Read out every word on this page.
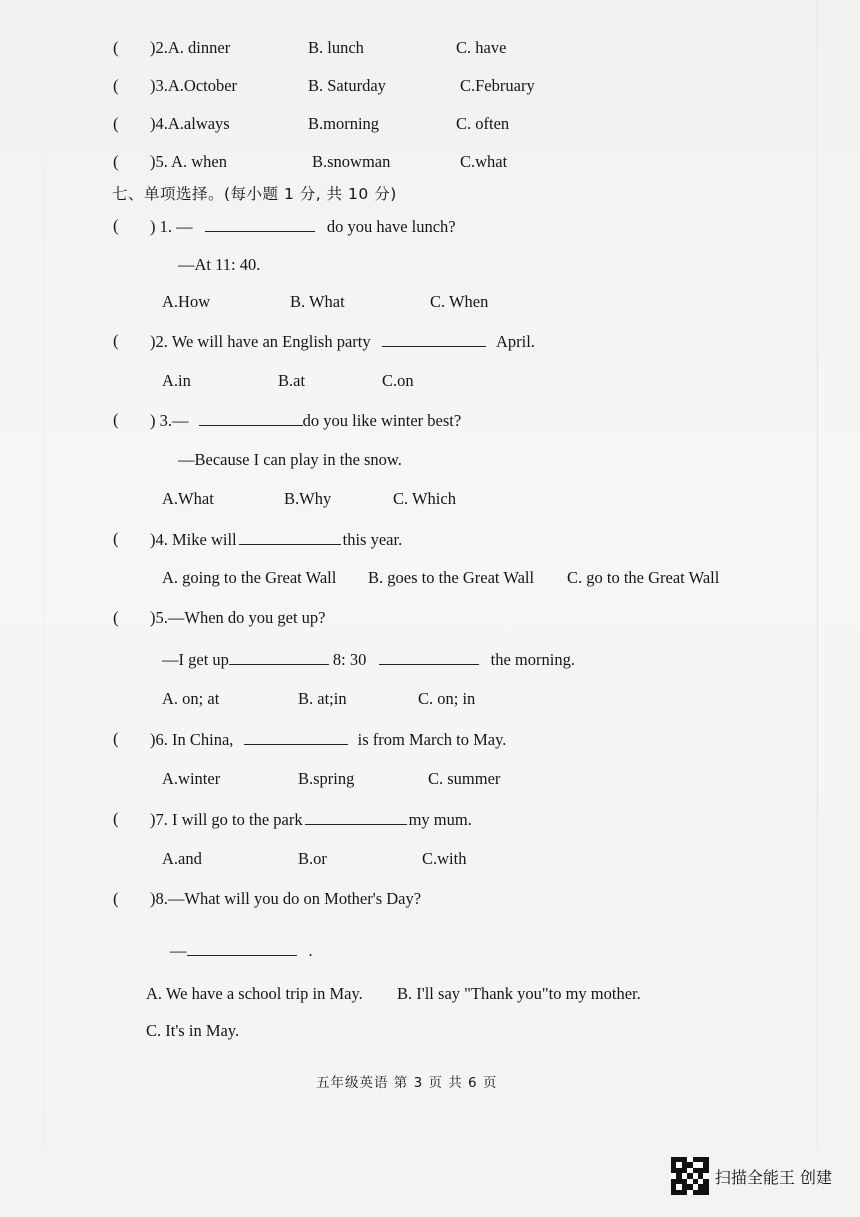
( )2.A. dinner	B. lunch	C. have
( )3.A.October	B. Saturday	C.February
( )4.A.always	B.morning	C. often
( )5. A. when	B.snowman	C.what
七、单项选择。(每小题 1 分, 共 10 分)
( ) 1. —	do you have lunch?
—At 11: 40.
A.How	B. What	C. When
( )2. We will have an English party	April.
A.in	B.at	C.on
( ) 3.—	do you like winter best?
—Because I can play in the snow.
A.What	B.Why	C. Which
( )4. Mike will	this year.
A. going to the Great Wall B. goes to the Great Wall C. go to the Great Wall
( )5.—When do you get up?
—I get up	8: 30	the morning.
A. on; at	B. at;in	C. on; in
( )6. In China,	is from March to May.
A.winter	B.spring	C. summer
( )7. I will go to the park	my mum.
A.and	B.or	C.with
( )8.—What will you do on Mother's Day?
—	.
A. We have a school trip in May. B. I'll say "Thank you"to my mother.
C. It's in May.
五年级英语 第 3 页 共 6 页
扫描全能王 创建
